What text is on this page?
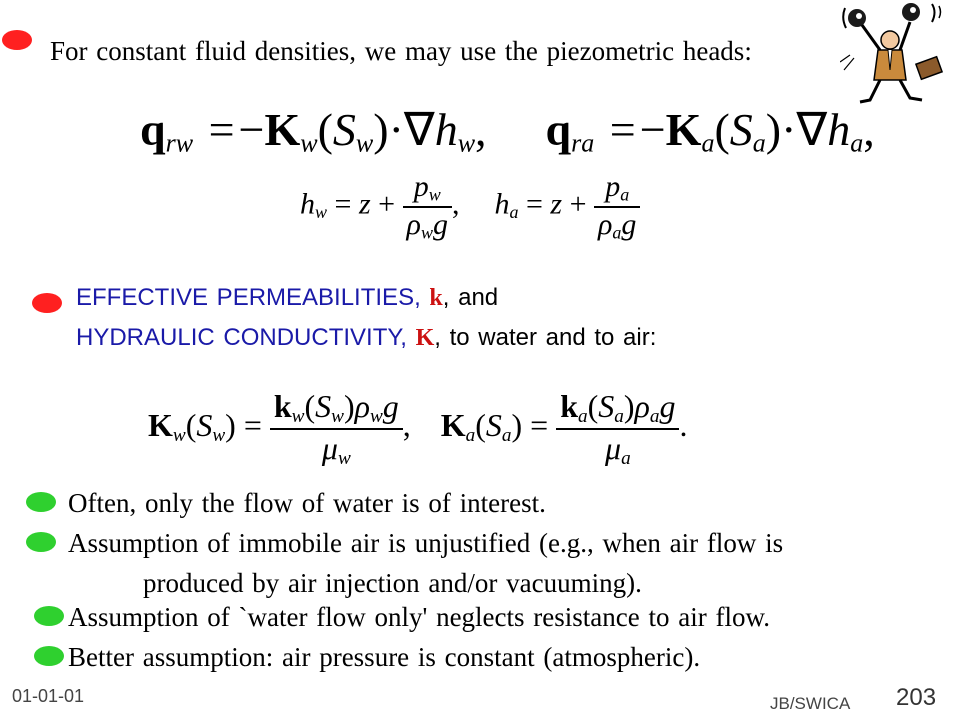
For constant fluid densities, we may use the piezometric heads:
$q_{rw} =-K_w(S_w)\cdot\nabla h_w$,  $q_{ra} =-K_a(S_a)\cdot\nabla h_a$,
$h_w = z + \frac{p_w}{\rho_wg}$ ,  $h_a = z + \frac{p_a}{\rho_ag}$
EFFECTIVE PERMEABILITIES, k, and
HYDRAULIC CONDUCTIVITY, K, to water and to air:
$K_w(S_w) = \frac{k_w(S_w)\rho_wg}{\mu_w}$ ,  $K_a(S_a) = \frac{k_a(S_a)\rho_ag}{\mu_a}$ .
Often, only the flow of water is of interest.
Assumption of immobile air is unjustified (e.g., when air flow is
produced by air injection and/or vacuuming).
Assumption of `water flow only' neglects resistance to air flow.
Better assumption: air pressure is constant (atmospheric).
01-01-01	JB/SWICA 203
